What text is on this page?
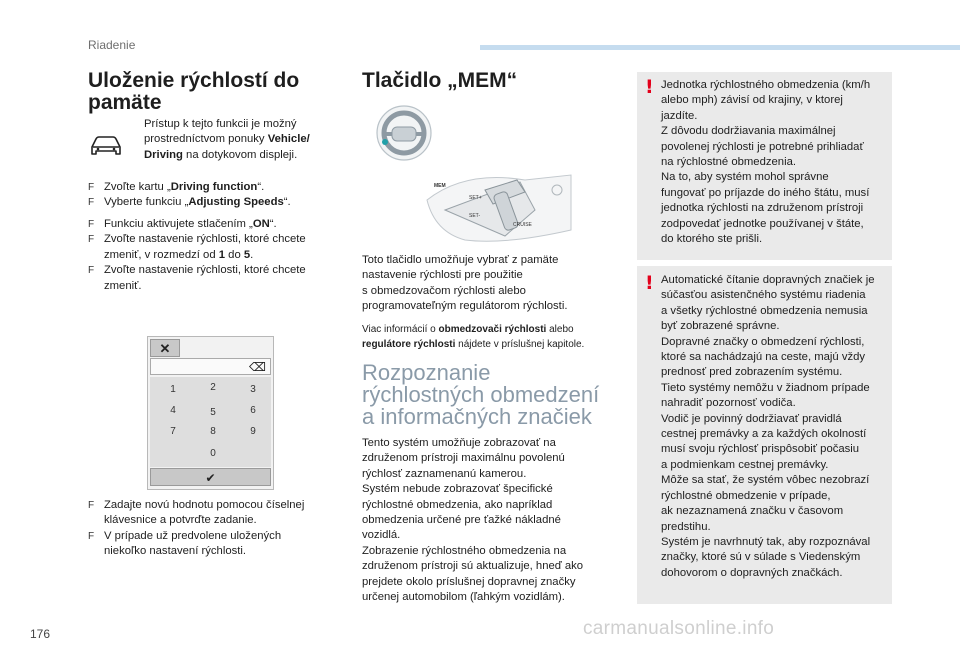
Riadenie
Uloženie rýchlostí do
pamäte
Prístup k tejto funkcii je možný
prostredníctvom ponuky Vehicle/
Driving na dotykovom displeji.
F Zvoľte kartu „Driving function“.
F Vyberte funkciu „Adjusting Speeds“.
F Funkciu aktivujete stlačením „ON“.
F Zvoľte nastavenie rýchlosti, ktoré chcete
zmeniť, v rozmedzí od 1 do 5.
F Zvoľte nastavenie rýchlosti, ktoré chcete
zmeniť.
✕
⌫
1	2	3
4	5	6
7	8	9
0
✔
F Zadajte novú hodnotu pomocou číselnej
klávesnice a potvrďte zadanie.
F V prípade už predvolene uložených
niekoľko nastavení rýchlosti.
Tlačidlo „MEM“
MEM
SET+
SET-
CRUISE
Toto tlačidlo umožňuje vybrať z pamäte
nastavenie rýchlosti pre použitie
s obmedzovačom rýchlosti alebo
programovateľným regulátorom rýchlosti.
Viac informácií o obmedzovači rýchlosti alebo
regulátore rýchlosti nájdete v príslušnej kapitole.
Rozpoznanie
rýchlostných obmedzení
a informačných značiek
Tento systém umožňuje zobrazovať na
združenom prístroji maximálnu povolenú
rýchlosť zaznamenanú kamerou.
Systém nebude zobrazovať špecifické
rýchlostné obmedzenia, ako napríklad
obmedzenia určené pre ťažké nákladné
vozidlá.
Zobrazenie rýchlostného obmedzenia na
združenom prístroji sú aktualizuje, hneď ako
prejdete okolo príslušnej dopravnej značky
určenej automobilom (ľahkým vozidlám).
! Jednotka rýchlostného obmedzenia (km/h
alebo mph) závisí od krajiny, v ktorej
jazdíte.
Z dôvodu dodržiavania maximálnej
povolenej rýchlosti je potrebné prihliadať
na rýchlostné obmedzenia.
Na to, aby systém mohol správne
fungovať po príjazde do iného štátu, musí
jednotka rýchlosti na združenom prístroji
zodpovedať jednotke používanej v štáte,
do ktorého ste prišli.
! Automatické čítanie dopravných značiek je
súčasťou asistenčného systému riadenia
a všetky rýchlostné obmedzenia nemusia
byť zobrazené správne.
Dopravné značky o obmedzení rýchlosti,
ktoré sa nachádzajú na ceste, majú vždy
prednosť pred zobrazením systému.
Tieto systémy nemôžu v žiadnom prípade
nahradiť pozornosť vodiča.
Vodič je povinný dodržiavať pravidlá
cestnej premávky a za každých okolností
musí svoju rýchlosť prispôsobiť počasiu
a podmienkam cestnej premávky.
Môže sa stať, že systém vôbec nezobrazí
rýchlostné obmedzenie v prípade,
ak nezaznamená značku v časovom
predstihu.
Systém je navrhnutý tak, aby rozpoznával
značky, ktoré sú v súlade s Viedenským
dohovorom o dopravných značkách.
176	carmanualsonline.info
